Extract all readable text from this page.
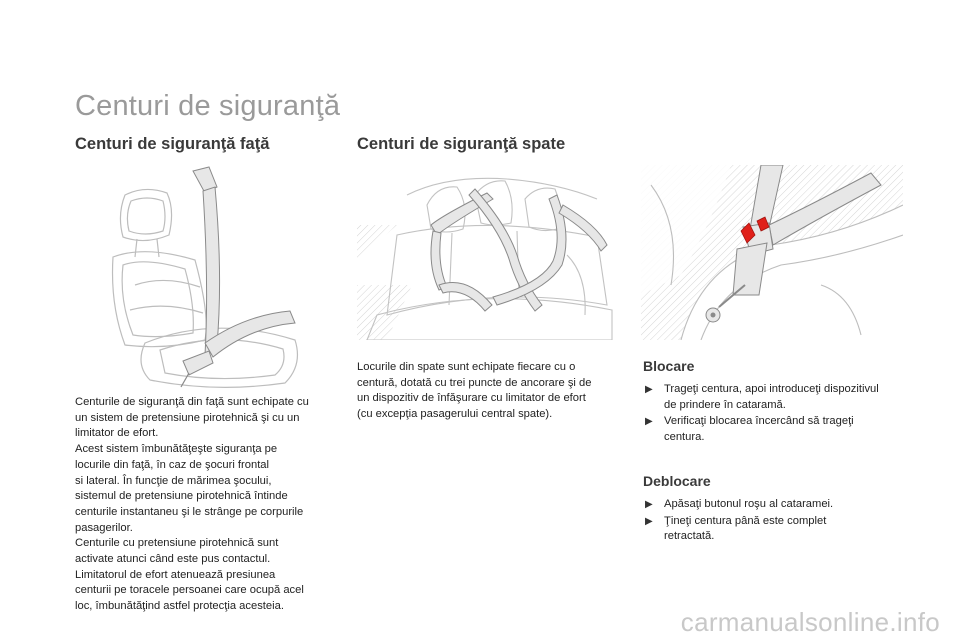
Centuri de siguranţă
Centuri de siguranţă faţă

Centurile de siguranţă din faţă sunt echipate cu

un sistem de pretensiune pirotehnică şi cu un

limitator de efort.

Acest sistem îmbunătăţeşte siguranţa pe

locurile din faţă, în caz de şocuri frontal

si lateral. În funcţie de mărimea şocului,

sistemul de pretensiune pirotehnică întinde

centurile instantaneu şi le strânge pe corpurile

pasagerilor.

Centurile cu pretensiune pirotehnică sunt

activate atunci când este pus contactul.

Limitatorul de efort atenuează presiunea

centurii pe toracele persoanei care ocupă acel

loc, îmbunătăţind astfel protecţia acesteia.

Centuri de siguranţă spate

Locurile din spate sunt echipate fiecare cu o

centură, dotată cu trei puncte de ancorare şi de

un dispozitiv de înfăşurare cu limitator de efort

(cu excepţia pasagerului central spate).

Blocare
▶ Trageţi centura, apoi introduceţi dispozitivul
de prindere în cataramă.
▶ Verificaţi blocarea încercând să trageţi
centura.
Deblocare
▶ Apăsaţi butonul roşu al cataramei.
▶ Ţineţi centura până este complet
retractată.
carmanualsonline.info
